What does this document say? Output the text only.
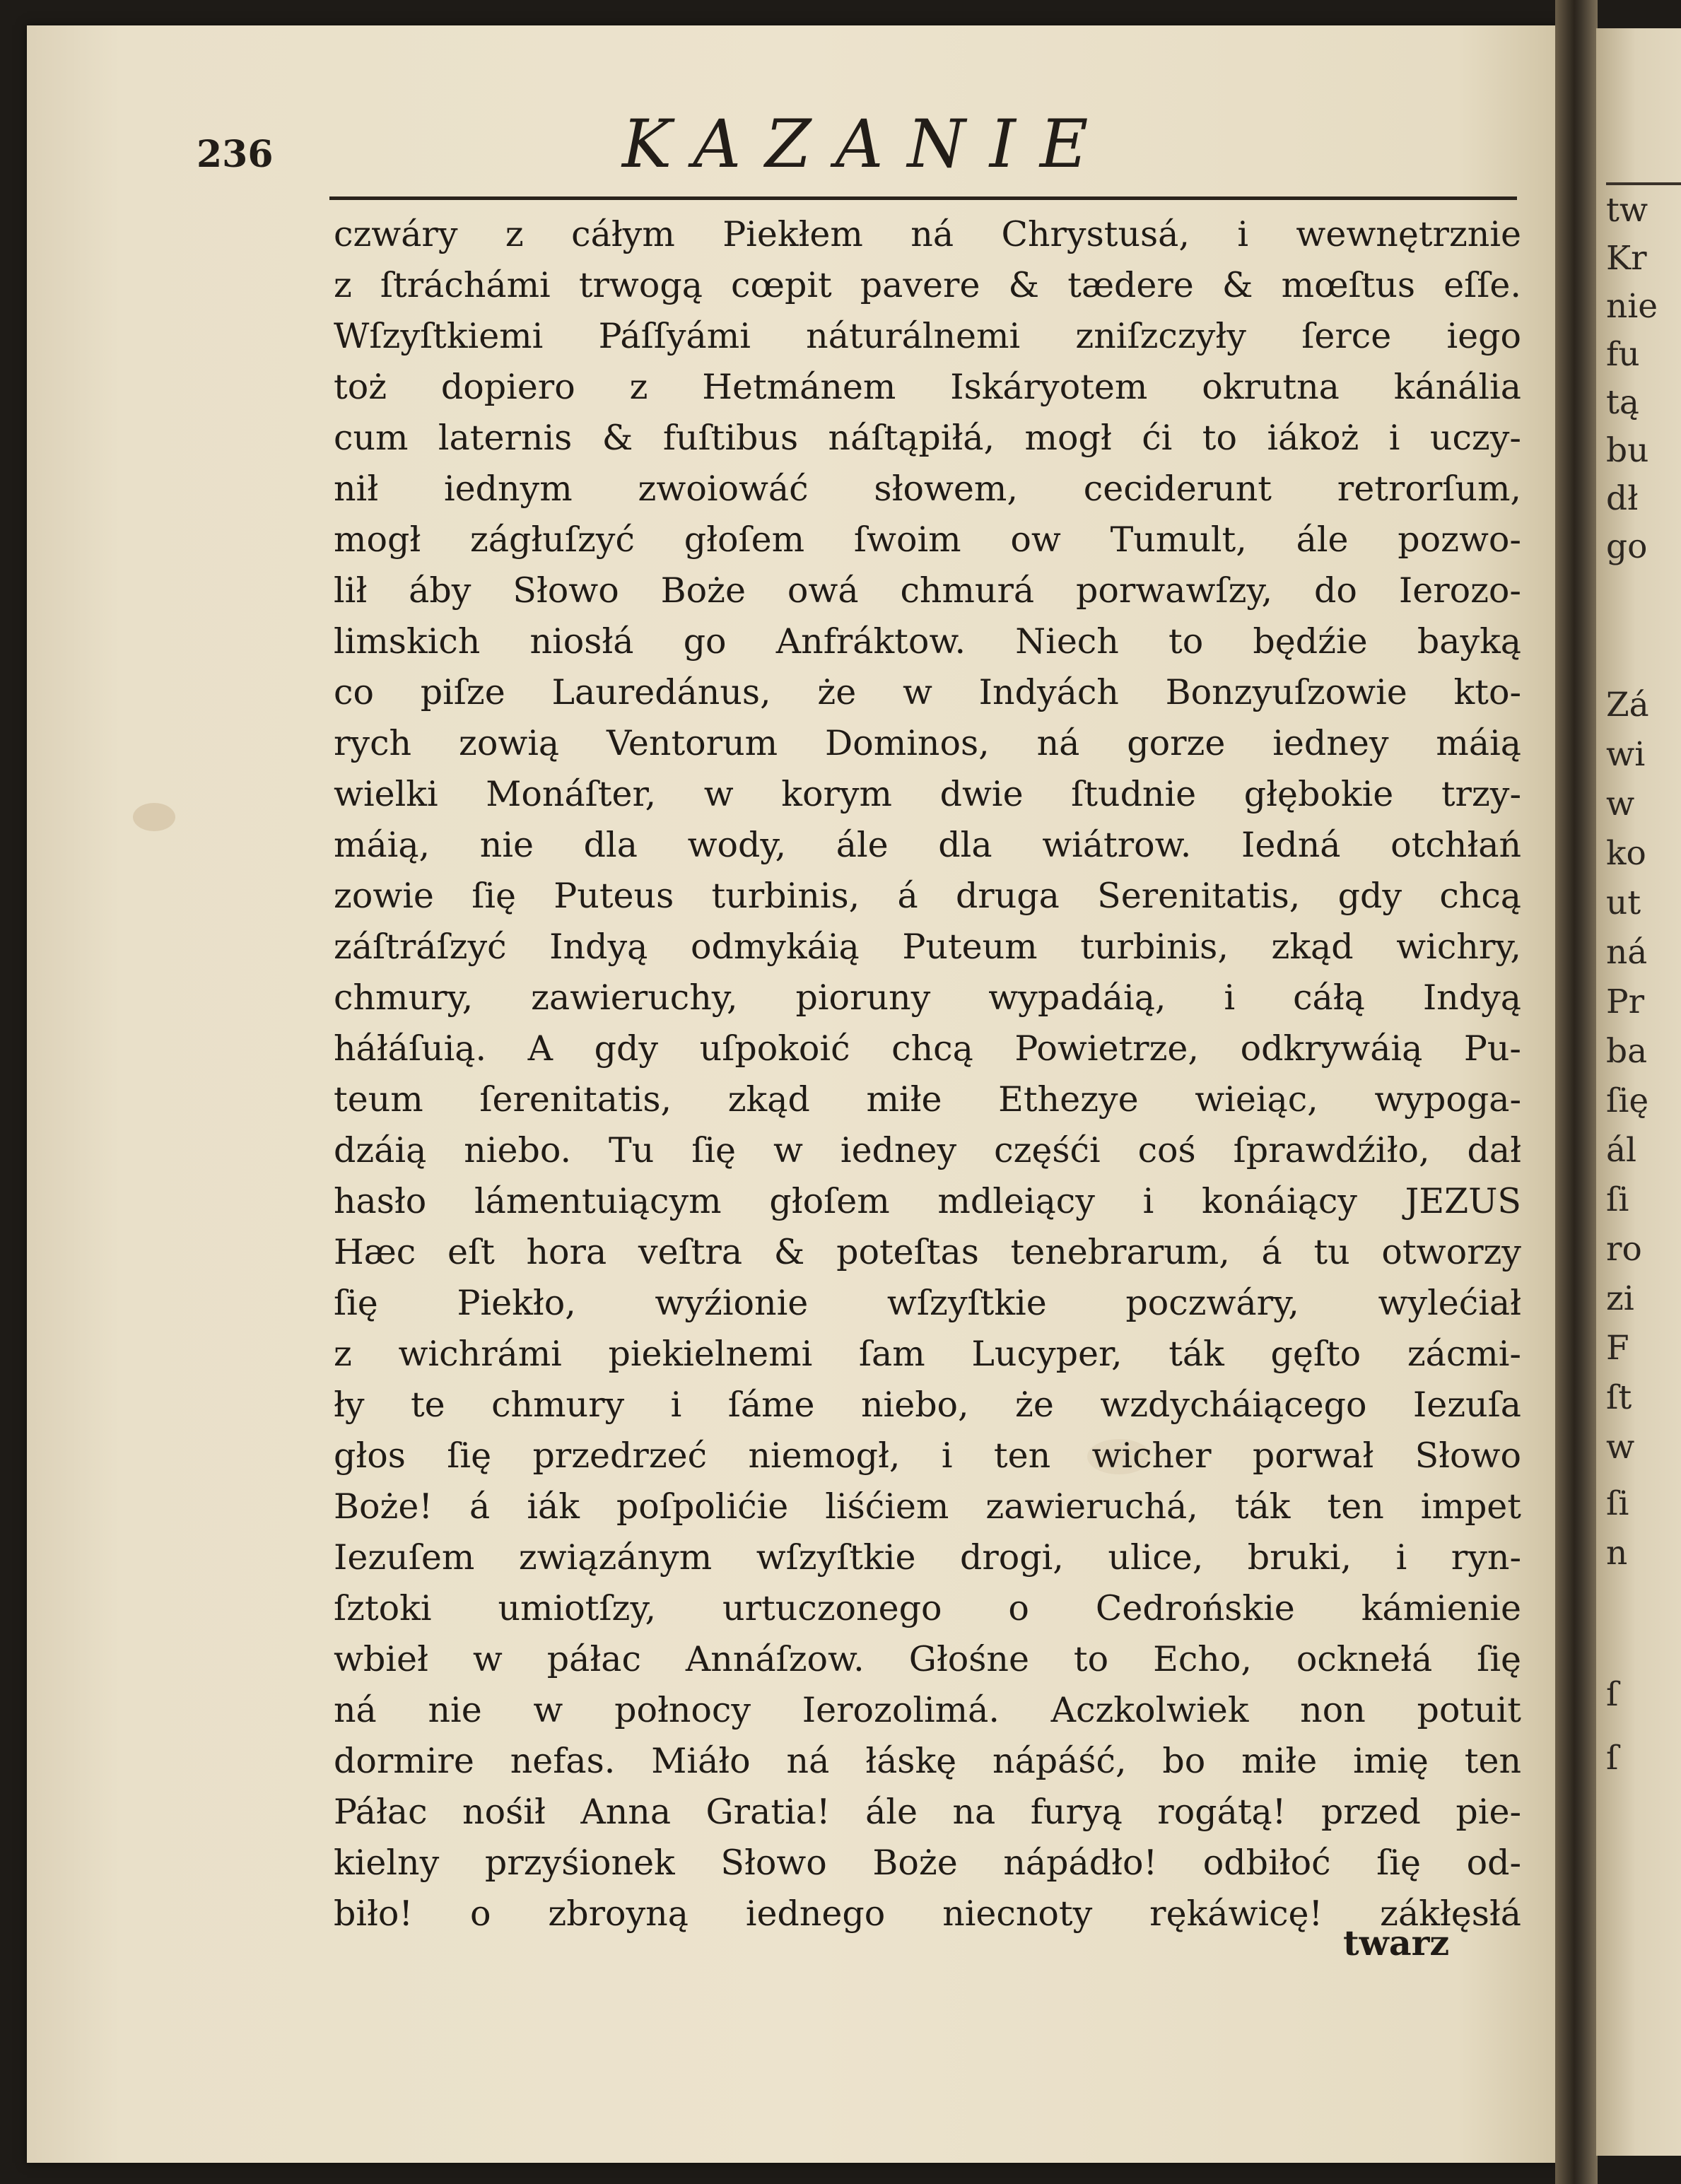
tw
Kr
nie
fu
tą
bu
dł
go
Zá
wi
w
ko
ut
ná
Pr
ba
ſię
ál
ſi
ro
zi
F
ſt
w
ſi
n
ſ
ſ
236	KAZANIE
czwáry z cáłym Piekłem ná Chrystusá, i wewnętrznie
z ſtráchámi trwogą cœpit pavere & tædere & mœſtus eſſe.
Wſzyſtkiemi Páſſyámi náturálnemi zniſzczyły ſerce iego
toż dopiero z Hetmánem Iskáryotem okrutna kánália
cum laternis & fuſtibus náſtąpiłá, mogł ći to iákoż i uczy-
nił iednym zwoiowáć słowem, ceciderunt retrorſum,
mogł zágłuſzyć głoſem ſwoim ow Tumult, ále pozwo-
lił áby Słowo Boże owá chmurá porwawſzy, do Ierozo-
limskich niosłá go Anfráktow. Niech to będźie bayką
co piſze Lauredánus, że w Indyách Bonzyuſzowie kto-
rych zowią Ventorum Dominos, ná gorze iedney máią
wielki Monáſter, w korym dwie ſtudnie głębokie trzy-
máią, nie dla wody, ále dla wiátrow. Iedná otchłań
zowie ſię Puteus turbinis, á druga Serenitatis, gdy chcą
záſtráſzyć Indyą odmykáią Puteum turbinis, zkąd wichry,
chmury, zawieruchy, pioruny wypadáią, i cáłą Indyą
háłáſuią. A gdy uſpokoić chcą Powietrze, odkrywáią Pu-
teum ſerenitatis, zkąd miłe Ethezye wieiąc, wypoga-
dzáią niebo. Tu ſię w iedney częśći coś ſprawdźiło, dał
hasło lámentuiącym głoſem mdleiący i konáiący JEZUS
Hæc eſt hora veſtra & poteſtas tenebrarum, á tu otworzy
ſię Piekło, wyźionie wſzyſtkie poczwáry, wylećiał
z wichrámi piekielnemi ſam Lucyper, ták gęſto zácmi-
ły te chmury i ſáme niebo, że wzdycháiącego Iezuſa
głos ſię przedrzeć niemogł, i ten wicher porwał Słowo
Boże! á iák poſpolićie liśćiem zawieruchá, ták ten impet
Iezuſem związánym wſzyſtkie drogi, ulice, bruki, i ryn-
ſztoki umiotſzy, urtuczonego o Cedrońskie kámienie
wbieł w páłac Annáſzow. Głośne to Echo, ocknełá ſię
ná nie w połnocy Ierozolimá. Aczkolwiek non potuit
dormire nefas. Miáło ná łáskę nápáść, bo miłe imię ten
Páłac nośił Anna Gratia! ále na furyą rogátą! przed pie-
kielny przyśionek Słowo Boże nápádło! odbiłoć ſię od-
biło! o zbroyną iednego niecnoty rękáwicę! zákłęsłá
twarz
